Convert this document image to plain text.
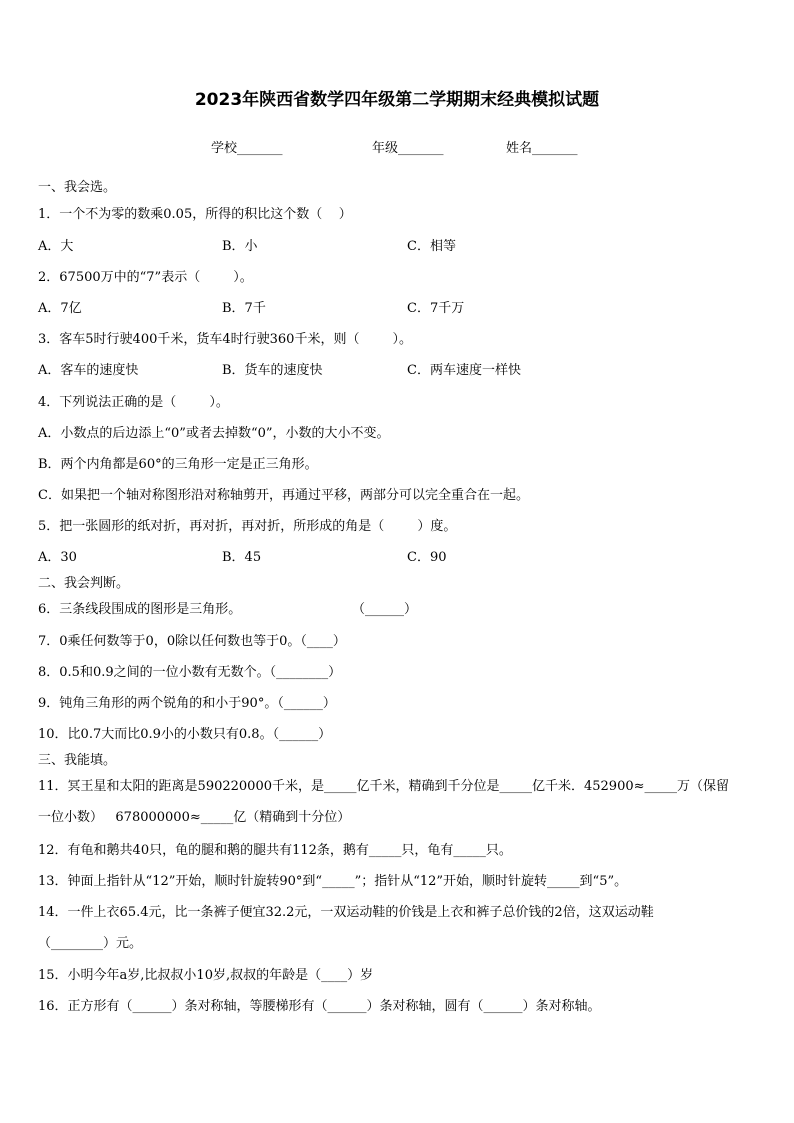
2023年陕西省数学四年级第二学期期末经典模拟试题
学校_______	年级_______	姓名_______
一、我会选。
1．一个不为零的数乘0.05，所得的积比这个数（    ）
A．大	B．小	C．相等
2．67500万中的“7”表示（        ）。
A．7亿	B．7千	C．7千万
3．客车5时行驶400千米，货车4时行驶360千米，则（        ）。
A．客车的速度快	B．货车的速度快	C．两车速度一样快
4．下列说法正确的是（        ）。
A．小数点的后边添上“0”或者去掉数“0”，小数的大小不变。
B．两个内角都是60°的三角形一定是正三角形。
C．如果把一个轴对称图形沿对称轴剪开，再通过平移，两部分可以完全重合在一起。
5．把一张圆形的纸对折，再对折，再对折，所形成的角是（        ）度。
A．30	B．45	C．90
二、我会判断。
6．三条线段围成的图形是三角形。	（______）
7．0乘任何数等于0，0除以任何数也等于0。（____）
8．0.5和0.9之间的一位小数有无数个。（________）
9．钝角三角形的两个锐角的和小于90°。（______）
10．比0.7大而比0.9小的小数只有0.8。（______）
三、我能填。
11．冥王星和太阳的距离是590220000千米，是_____亿千米，精确到千分位是_____亿千米．452900≈_____万（保留
一位小数）   678000000≈_____亿（精确到十分位）
12．有龟和鹅共40只，龟的腿和鹅的腿共有112条，鹅有_____只，龟有_____只。
13．钟面上指针从“12”开始，顺时针旋转90°到“_____”；指针从“12”开始，顺时针旋转_____到“5”。
14．一件上衣65.4元，比一条裤子便宜32.2元，一双运动鞋的价钱是上衣和裤子总价钱的2倍，这双运动鞋
（________）元。
15．小明今年a岁,比叔叔小10岁,叔叔的年龄是（____）岁
16．正方形有（______）条对称轴，等腰梯形有（______）条对称轴，圆有（______）条对称轴。
